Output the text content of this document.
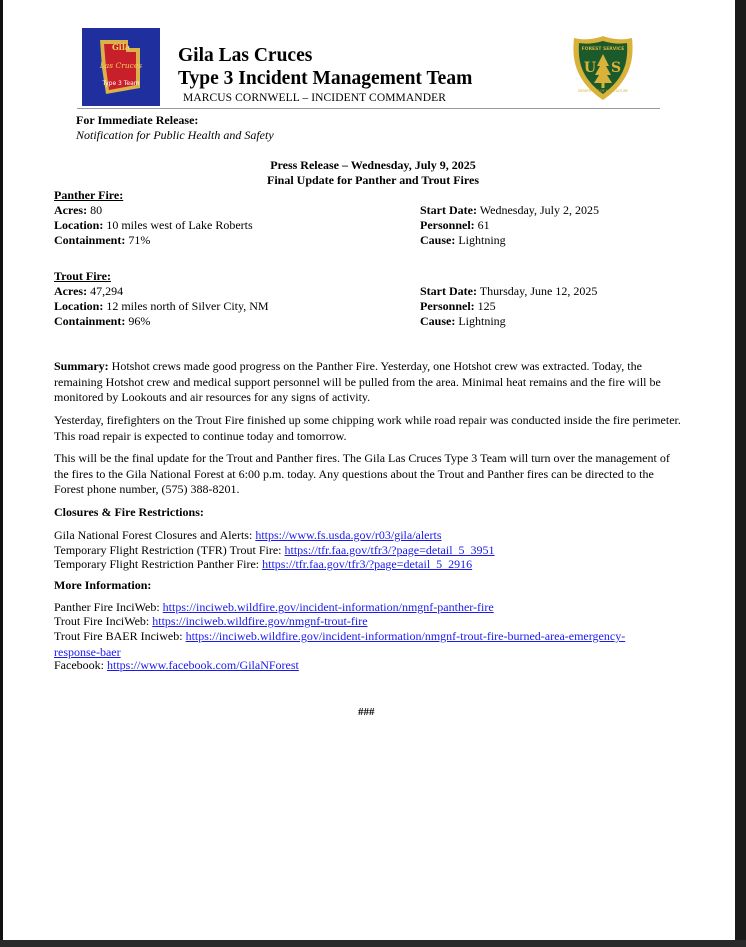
Gila
Las Cruces
Type 3 Team
FOREST SERVICE
U S
DEPARTMENT OF AGRICULTURE
Gila Las Cruces
Type 3 Incident Management Team
MARCUS CORNWELL – INCIDENT COMMANDER
For Immediate Release:
Notification for Public Health and Safety
Press Release – Wednesday, July 9, 2025
Final Update for Panther and Trout Fires
Panther Fire:
Acres: 80
Location: 10 miles west of Lake Roberts
Containment: 71%
Start Date: Wednesday, July 2, 2025
Personnel: 61
Cause: Lightning
Trout Fire:
Acres: 47,294
Location: 12 miles north of Silver City, NM
Containment: 96%
Start Date: Thursday, June 12, 2025
Personnel: 125
Cause: Lightning

Summary: Hotshot crews made good progress on the Panther Fire. Yesterday, one Hotshot crew was extracted. Today, the remaining Hotshot crew and medical support personnel will be pulled from the area. Minimal heat remains and the fire will be monitored by Lookouts and air resources for any signs of activity.

Yesterday, firefighters on the Trout Fire finished up some chipping work while road repair was conducted inside the fire perimeter. This road repair is expected to continue today and tomorrow.
This will be the final update for the Trout and Panther fires. The Gila Las Cruces Type 3 Team will turn over the management of the fires to the Gila National Forest at 6:00 p.m. today. Any questions about the Trout and Panther fires can be directed to the Forest phone number, (575) 388-8201.
Closures & Fire Restrictions:
Gila National Forest Closures and Alerts: https://www.fs.usda.gov/r03/gila/alerts
Temporary Flight Restriction (TFR) Trout Fire: https://tfr.faa.gov/tfr3/?page=detail_5_3951
Temporary Flight Restriction Panther Fire: https://tfr.faa.gov/tfr3/?page=detail_5_2916
More Information:
Panther Fire InciWeb: https://inciweb.wildfire.gov/incident-information/nmgnf-panther-fire
Trout Fire InciWeb: https://inciweb.wildfire.gov/nmgnf-trout-fire
Trout Fire BAER Inciweb: https://inciweb.wildfire.gov/incident-information/nmgnf-trout-fire-burned-area-emergency-response-baer
Facebook: https://www.facebook.com/GilaNForest
###
